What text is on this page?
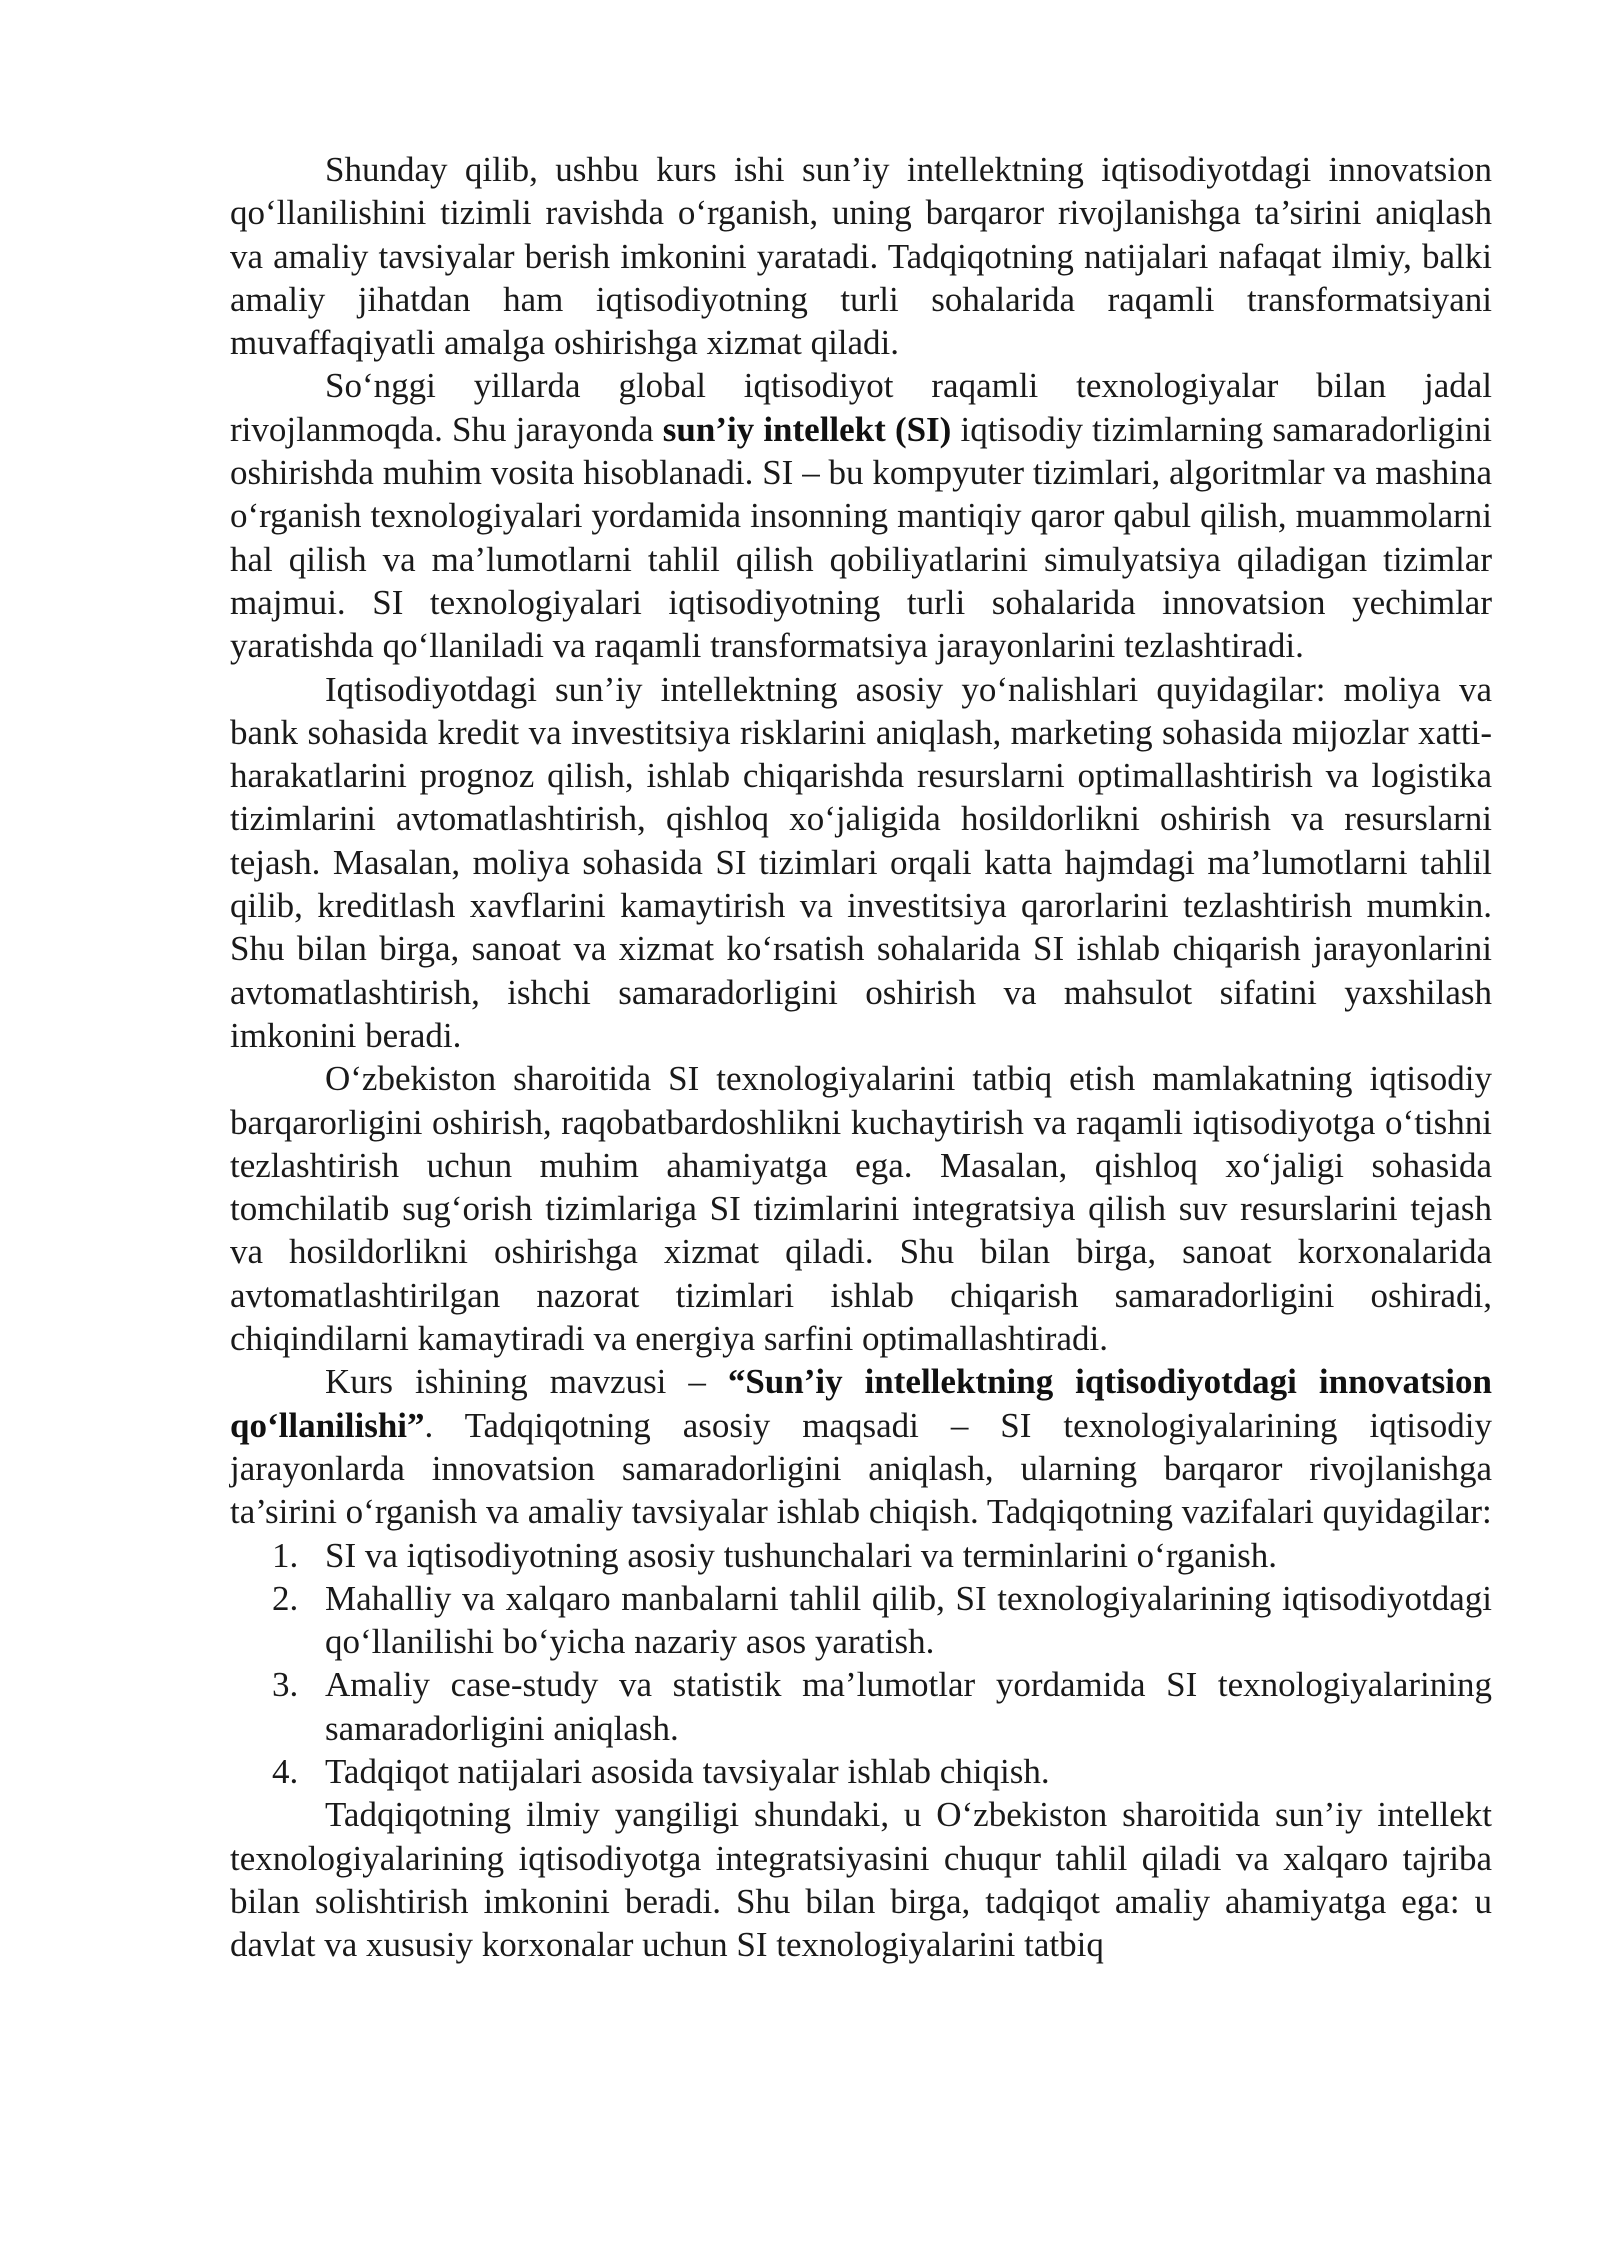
Shunday qilib, ushbu kurs ishi sun’iy intellektning iqtisodiyotdagi innovatsion qo‘llanilishini tizimli ravishda o‘rganish, uning barqaror rivojlanishga ta’sirini aniqlash va amaliy tavsiyalar berish imkonini yaratadi. Tadqiqotning natijalari nafaqat ilmiy, balki amaliy jihatdan ham iqtisodiyotning turli sohalarida raqamli transformatsiyani muvaffaqiyatli amalga oshirishga xizmat qiladi.

So‘nggi yillarda global iqtisodiyot raqamli texnologiyalar bilan jadal rivojlanmoqda. Shu jarayonda sun’iy intellekt (SI) iqtisodiy tizimlarning samaradorligini oshirishda muhim vosita hisoblanadi. SI – bu kompyuter tizimlari, algoritmlar va mashina o‘rganish texnologiyalari yordamida insonning mantiqiy qaror qabul qilish, muammolarni hal qilish va ma’lumotlarni tahlil qilish qobiliyatlarini simulyatsiya qiladigan tizimlar majmui. SI texnologiyalari iqtisodiyotning turli sohalarida innovatsion yechimlar yaratishda qo‘llaniladi va raqamli transformatsiya jarayonlarini tezlashtiradi.

Iqtisodiyotdagi sun’iy intellektning asosiy yo‘nalishlari quyidagilar: moliya va bank sohasida kredit va investitsiya risklarini aniqlash, marketing sohasida mijozlar xatti-harakatlarini prognoz qilish, ishlab chiqarishda resurslarni optimallashtirish va logistika tizimlarini avtomatlashtirish, qishloq xo‘jaligida hosildorlikni oshirish va resurslarni tejash. Masalan, moliya sohasida SI tizimlari orqali katta hajmdagi ma’lumotlarni tahlil qilib, kreditlash xavflarini kamaytirish va investitsiya qarorlarini tezlashtirish mumkin. Shu bilan birga, sanoat va xizmat ko‘rsatish sohalarida SI ishlab chiqarish jarayonlarini avtomatlashtirish, ishchi samaradorligini oshirish va mahsulot sifatini yaxshilash imkonini beradi.

O‘zbekiston sharoitida SI texnologiyalarini tatbiq etish mamlakatning iqtisodiy barqarorligini oshirish, raqobatbardoshlikni kuchaytirish va raqamli iqtisodiyotga o‘tishni tezlashtirish uchun muhim ahamiyatga ega. Masalan, qishloq xo‘jaligi sohasida tomchilatib sug‘orish tizimlariga SI tizimlarini integratsiya qilish suv resurslarini tejash va hosildorlikni oshirishga xizmat qiladi. Shu bilan birga, sanoat korxonalarida avtomatlashtirilgan nazorat tizimlari ishlab chiqarish samaradorligini oshiradi, chiqindilarni kamaytiradi va energiya sarfini optimallashtiradi.

Kurs ishining mavzusi – “Sun’iy intellektning iqtisodiyotdagi innovatsion qo‘llanilishi”. Tadqiqotning asosiy maqsadi – SI texnologiyalarining iqtisodiy jarayonlarda innovatsion samaradorligini aniqlash, ularning barqaror rivojlanishga ta’sirini o‘rganish va amaliy tavsiyalar ishlab chiqish. Tadqiqotning vazifalari quyidagilar:

1. SI va iqtisodiyotning asosiy tushunchalari va terminlarini o‘rganish.
2. Mahalliy va xalqaro manbalarni tahlil qilib, SI texnologiyalarining iqtisodiyotdagi qo‘llanilishi bo‘yicha nazariy asos yaratish.
3. Amaliy case-study va statistik ma’lumotlar yordamida SI texnologiyalarining samaradorligini aniqlash.
4. Tadqiqot natijalari asosida tavsiyalar ishlab chiqish.

Tadqiqotning ilmiy yangiligi shundaki, u O‘zbekiston sharoitida sun’iy intellekt texnologiyalarining iqtisodiyotga integratsiyasini chuqur tahlil qiladi va xalqaro tajriba bilan solishtirish imkonini beradi. Shu bilan birga, tadqiqot amaliy ahamiyatga ega: u davlat va xususiy korxonalar uchun SI texnologiyalarini tatbiq
